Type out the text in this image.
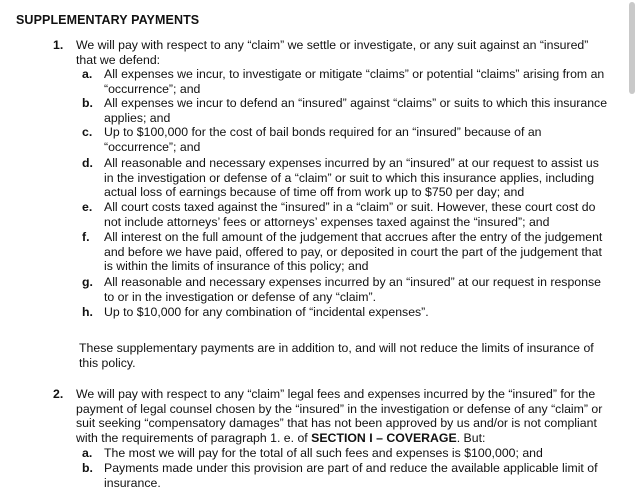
SUPPLEMENTARY PAYMENTS
1. We will pay with respect to any “claim” we settle or investigate, or any suit against an “insured” that we defend:
a. All expenses we incur, to investigate or mitigate “claims” or potential “claims” arising from an “occurrence”; and
b. All expenses we incur to defend an “insured” against “claims” or suits to which this insurance applies; and
c. Up to $100,000 for the cost of bail bonds required for an “insured” because of an “occurrence”; and
d. All reasonable and necessary expenses incurred by an “insured” at our request to assist us in the investigation or defense of a “claim” or suit to which this insurance applies, including actual loss of earnings because of time off from work up to $750 per day; and
e. All court costs taxed against the “insured” in a “claim” or suit. However, these court cost do not include attorneys’ fees or attorneys’ expenses taxed against the “insured”; and
f. All interest on the full amount of the judgement that accrues after the entry of the judgement and before we have paid, offered to pay, or deposited in court the part of the judgement that is within the limits of insurance of this policy; and
g. All reasonable and necessary expenses incurred by an “insured” at our request in response to or in the investigation or defense of any “claim”.
h. Up to $10,000 for any combination of “incidental expenses”.
These supplementary payments are in addition to, and will not reduce the limits of insurance of this policy.
2. We will pay with respect to any “claim” legal fees and expenses incurred by the “insured” for the payment of legal counsel chosen by the “insured” in the investigation or defense of any “claim” or suit seeking “compensatory damages” that has not been approved by us and/or is not compliant with the requirements of paragraph 1. e. of SECTION I – COVERAGE. But:
a. The most we will pay for the total of all such fees and expenses is $100,000; and
b. Payments made under this provision are part of and reduce the available applicable limit of insurance.
